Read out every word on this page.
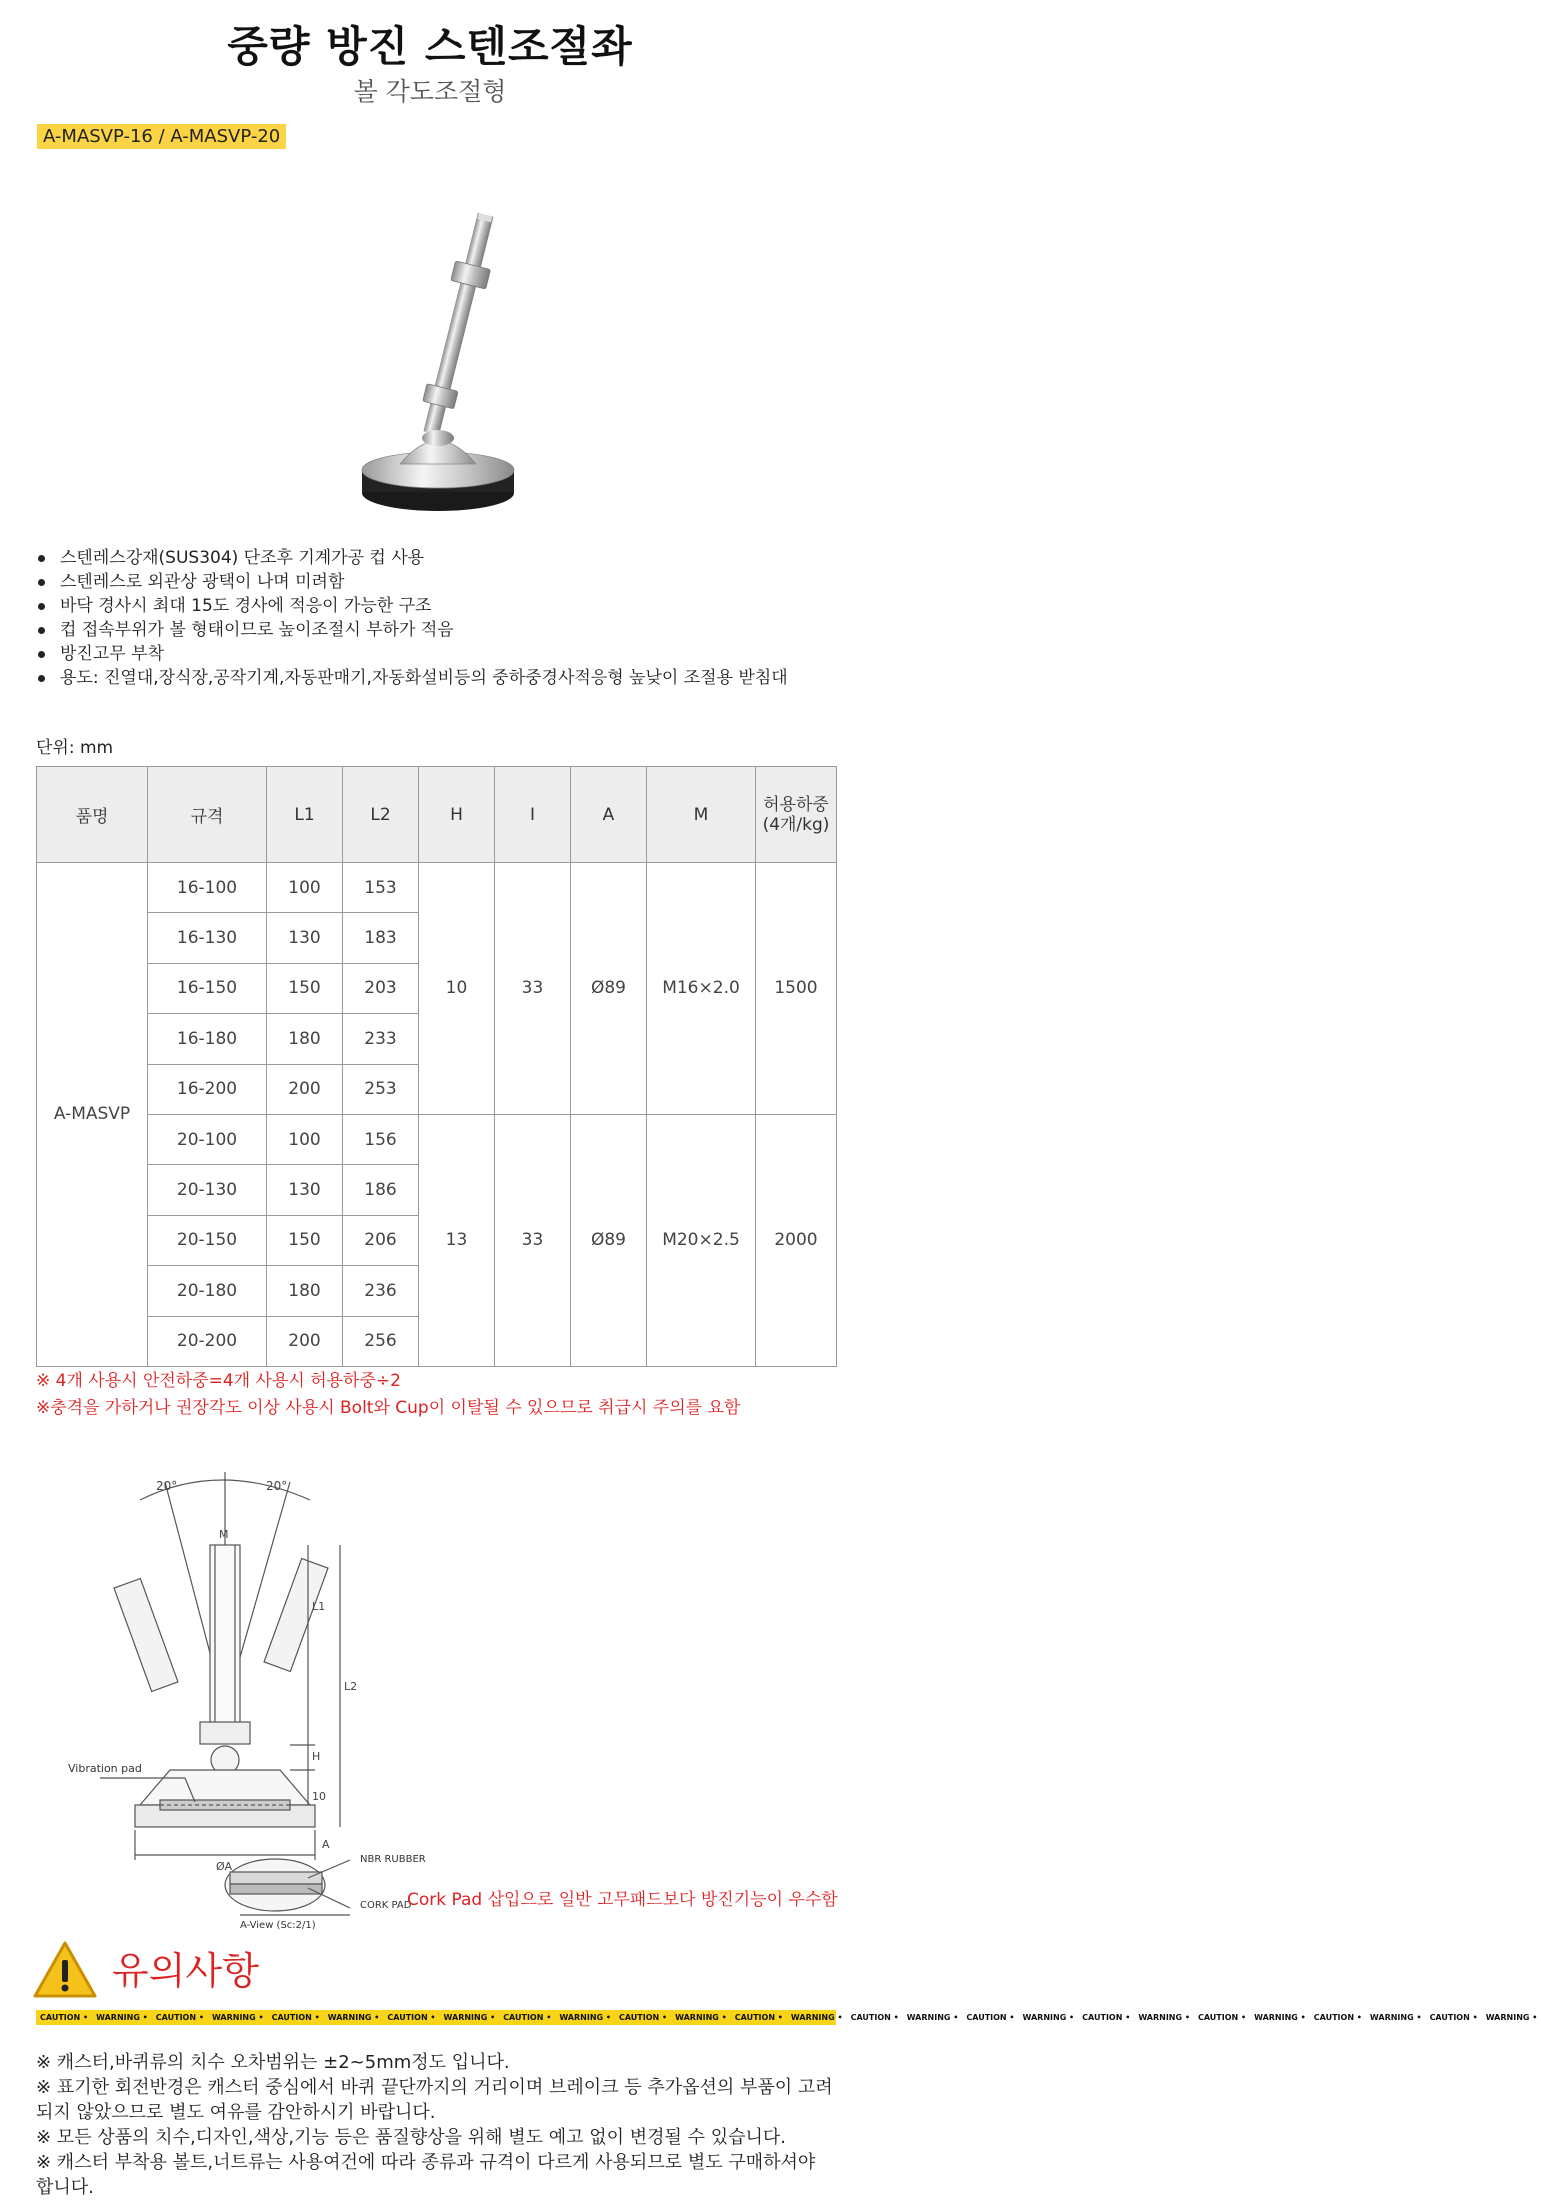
중량 방진 스텐조절좌
볼 각도조절형
A-MASVP-16 / A-MASVP-20
스텐레스강재(SUS304) 단조후 기계가공 컵 사용
스텐레스로 외관상 광택이 나며 미려함
바닥 경사시 최대 15도 경사에 적응이 가능한 구조
컵 접속부위가 볼 형태이므로 높이조절시 부하가 적음
방진고무 부착
용도: 진열대,장식장,공작기계,자동판매기,자동화설비등의 중하중경사적응형 높낮이 조절용 받침대
단위: mm
품명	규격	L1	L2	H	I	A	M	허용하중
(4개/kg)
A-MASVP	16-100	100	153	10	33	Ø89	M16×2.0	1500
	16-130	130	183					
	16-150	150	203					
	16-180	180	233					
	16-200	200	253					
	20-100	100	156	13	33	Ø89	M20×2.5	2000
	20-130	130	186					
	20-150	150	206					
	20-180	180	236					
	20-200	200	256					
※ 4개 사용시 안전하중=4개 사용시 허용하중÷2
※충격을 가하거나 권장각도 이상 사용시 Bolt와 Cup이 이탈될 수 있으므로 취급시 주의를 요함
20°	20°
M
L1
L2
H
10
ØA
A
Vibration pad
NBR RUBBER
CORK PAD
A-View (Sc:2/1)
Cork Pad 삽입으로 일반 고무패드보다 방진기능이 우수함
유의사항
CAUTION • WARNING • CAUTION • WARNING • CAUTION • WARNING • CAUTION • WARNING • CAUTION • WARNING • CAUTION • WARNING • CAUTION • WARNING • CAUTION • WARNING • CAUTION • WARNING • CAUTION • WARNING • CAUTION • WARNING • CAUTION • WARNING • CAUTION • WARNING •

※ 캐스터,바퀴류의 치수 오차범위는 ±2~5mm정도 입니다.

※ 표기한 회전반경은 캐스터 중심에서 바퀴 끝단까지의 거리이며 브레이크 등 추가옵션의 부품이 고려되지 않았으므로 별도 여유를 감안하시기 바랍니다.

※ 모든 상품의 치수,디자인,색상,기능 등은 품질향상을 위해 별도 예고 없이 변경될 수 있습니다.

※ 캐스터 부착용 볼트,너트류는 사용여건에 따라 종류과 규격이 다르게 사용되므로 별도 구매하셔야 합니다.
